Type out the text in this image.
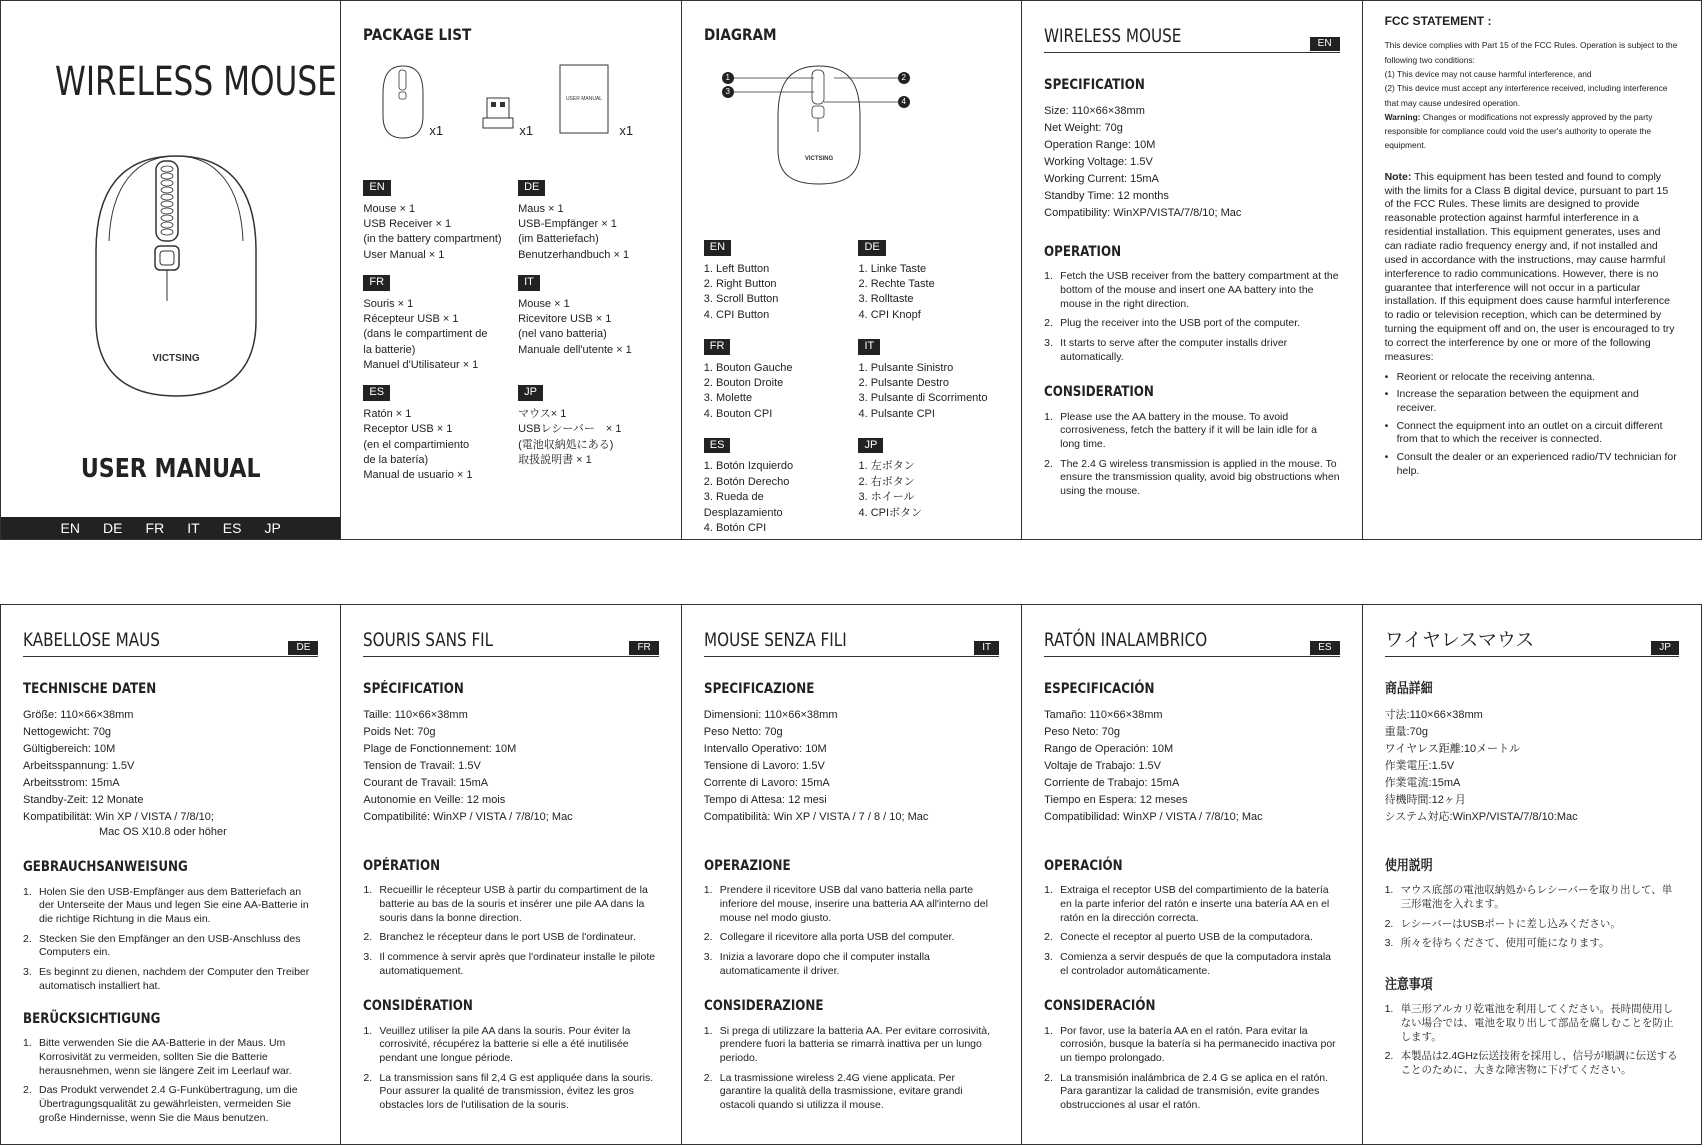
WIRELESS MOUSE
VICTSING
USER MANUAL
EN DE FR IT ES JP
PACKAGE LIST
x1	x1
USER MANUAL
x1
EN
Mouse × 1
USB Receiver × 1
(in the battery compartment)
User Manual × 1
DE
Maus × 1
USB-Empfänger × 1
(im Batteriefach)
Benutzerhandbuch × 1
FR
Souris × 1
Récepteur USB × 1
(dans le compartiment de
la batterie)
Manuel d'Utilisateur × 1
IT
Mouse × 1
Ricevitore USB × 1
(nel vano batteria)
Manuale dell'utente × 1
ES
Ratón × 1
Receptor USB × 1
(en el compartimiento
de la batería)
Manual de usuario × 1
JP
マウス× 1
USBレシーバー　× 1
(電池収納処にある)
取扱説明書 × 1
DIAGRAM
VICTSING
1
3
2
4
EN
1. Left Button
2. Right Button
3. Scroll Button
4. CPI Button
DE
1. Linke Taste
2. Rechte Taste
3. Rolltaste
4. CPI Knopf
FR
1. Bouton Gauche
2. Bouton Droite
3. Molette
4. Bouton CPI
IT
1. Pulsante Sinistro
2. Pulsante Destro
3. Pulsante di Scorrimento
4. Pulsante CPI
ES
1. Botón Izquierdo
2. Botón Derecho
3. Rueda de Desplazamiento
4. Botón CPI
JP
1. 左ボタン
2. 右ボタン
3. ホイール
4. CPIボタン
WIRELESS MOUSE	EN
SPECIFICATION
Size: 110×66×38mm
Net Weight: 70g
Operation Range: 10M
Working Voltage: 1.5V
Working Current: 15mA
Standby Time: 12 months
Compatibility: WinXP/VISTA/7/8/10; Mac
OPERATION
1. Fetch the USB receiver from the battery compartment at the bottom of the mouse and insert one AA battery into the mouse in the right direction.
2. Plug the receiver into the USB port of the computer.
3. It starts to serve after the computer installs driver automatically.
CONSIDERATION
1. Please use the AA battery in the mouse. To avoid corrosiveness, fetch the battery if it will be lain idle for a long time.
2. The 2.4 G wireless transmission is applied in the mouse. To ensure the transmission quality, avoid big obstructions when using the mouse.
FCC STATEMENT :
This device complies with Part 15 of the FCC Rules. Operation is subject to the following two conditions:
(1) This device may not cause harmful interference, and
(2) This device must accept any interference received, including interference that may cause undesired operation.
Warning: Changes or modifications not expressly approved by the party responsible for compliance could void the user's authority to operate the equipment.
Note: This equipment has been tested and found to comply with the limits for a Class B digital device, pursuant to part 15 of the FCC Rules. These limits are designed to provide reasonable protection against harmful interference in a residential installation. This equipment generates, uses and can radiate radio frequency energy and, if not installed and used in accordance with the instructions, may cause harmful interference to radio communications. However, there is no guarantee that interference will not occur in a particular installation. If this equipment does cause harmful interference to radio or television reception, which can be determined by turning the equipment off and on, the user is encouraged to try to correct the interference by one or more of the following measures:
• Reorient or relocate the receiving antenna.
• Increase the separation between the equipment and receiver.
• Connect the equipment into an outlet on a circuit different from that to which the receiver is connected.
• Consult the dealer or an experienced radio/TV technician for help.
KABELLOSE MAUS	DE
TECHNISCHE DATEN
Größe: 110×66×38mm
Nettogewicht: 70g
Gültigbereich: 10M
Arbeitsspannung: 1.5V
Arbeitsstrom: 15mA
Standby-Zeit: 12 Monate
Kompatibilität: Win XP / VISTA / 7/8/10;
Mac OS X10.8 oder höher
GEBRAUCHSANWEISUNG
1. Holen Sie den USB-Empfänger aus dem Batteriefach an der Unterseite der Maus und legen Sie eine AA-Batterie in die richtige Richtung in die Maus ein.
2. Stecken Sie den Empfänger an den USB-Anschluss des Computers ein.
3. Es beginnt zu dienen, nachdem der Computer den Treiber automatisch installiert hat.
BERÜCKSICHTIGUNG
1. Bitte verwenden Sie die AA-Batterie in der Maus. Um Korrosivität zu vermeiden, sollten Sie die Batterie herausnehmen, wenn sie längere Zeit im Leerlauf war.
2. Das Produkt verwendet 2.4 G-Funkübertragung, um die Übertragungsqualität zu gewährleisten, vermeiden Sie große Hindernisse, wenn Sie die Maus benutzen.
SOURIS SANS FIL	FR
SPÉCIFICATION
Taille: 110×66×38mm
Poids Net: 70g
Plage de Fonctionnement: 10M
Tension de Travail: 1.5V
Courant de Travail: 15mA
Autonomie en Veille: 12 mois
Compatibilité: WinXP / VISTA / 7/8/10; Mac
OPÉRATION
1. Recueillir le récepteur USB à partir du compartiment de la batterie au bas de la souris et insérer une pile AA dans la souris dans la bonne direction.
2. Branchez le récepteur dans le port USB de l'ordinateur.
3. Il commence à servir après que l'ordinateur installe le pilote automatiquement.
CONSIDÉRATION
1. Veuillez utiliser la pile AA dans la souris. Pour éviter la corrosivité, récupérez la batterie si elle a été inutilisée pendant une longue période.
2. La transmission sans fil 2,4 G est appliquée dans la souris. Pour assurer la qualité de transmission, évitez les gros obstacles lors de l'utilisation de la souris.
MOUSE SENZA FILI	IT
SPECIFICAZIONE
Dimensioni: 110×66×38mm
Peso Netto: 70g
Intervallo Operativo: 10M
Tensione di Lavoro: 1.5V
Corrente di Lavoro: 15mA
Tempo di Attesa: 12 mesi
Compatibilità: Win XP / VISTA / 7 / 8 / 10; Mac
OPERAZIONE
1. Prendere il ricevitore USB dal vano batteria nella parte inferiore del mouse, inserire una batteria AA all'interno del mouse nel modo giusto.
2. Collegare il ricevitore alla porta USB del computer.
3. Inizia a lavorare dopo che il computer installa automaticamente il driver.
CONSIDERAZIONE
1. Si prega di utilizzare la batteria AA. Per evitare corrosività, prendere fuori la batteria se rimarrà inattiva per un lungo periodo.
2. La trasmissione wireless 2.4G viene applicata. Per garantire la qualità della trasmissione, evitare grandi ostacoli quando si utilizza il mouse.
RATÓN INALAMBRICO	ES
ESPECIFICACIÓN
Tamaño: 110×66×38mm
Peso Neto: 70g
Rango de Operación: 10M
Voltaje de Trabajo: 1.5V
Corriente de Trabajo: 15mA
Tiempo en Espera: 12 meses
Compatibilidad: WinXP / VISTA / 7/8/10; Mac
OPERACIÓN
1. Extraiga el receptor USB del compartimiento de la batería en la parte inferior del ratón e inserte una batería AA en el ratón en la dirección correcta.
2. Conecte el receptor al puerto USB de la computadora.
3. Comienza a servir después de que la computadora instala el controlador automáticamente.
CONSIDERACIÓN
1. Por favor, use la batería AA en el ratón. Para evitar la corrosión, busque la batería si ha permanecido inactiva por un tiempo prolongado.
2. La transmisión inalámbrica de 2.4 G se aplica en el ratón. Para garantizar la calidad de transmisión, evite grandes obstrucciones al usar el ratón.
ワイヤレスマウス	JP
商品詳細
寸法:110×66×38mm
重量:70g
ワイヤレス距離:10メートル
作業電圧:1.5V
作業電流:15mA
待機時間:12ヶ月
システム対応:WinXP/VISTA/7/8/10:Mac
使用説明
1. マウス底部の電池収納処からレシーバーを取り出して、単三形電池を入れます。
2. レシーバーはUSBポートに差し込みください。
3. 所々を待ちくださて、使用可能になります。
注意事項
1. 単三形アルカリ乾電池を利用してください。長時間使用しない場合では、電池を取り出して部品を腐しむことを防止します。
2. 本製品は2.4GHz伝送技術を採用し、信号が順調に伝送することのために、大きな障害物に下げてください。
